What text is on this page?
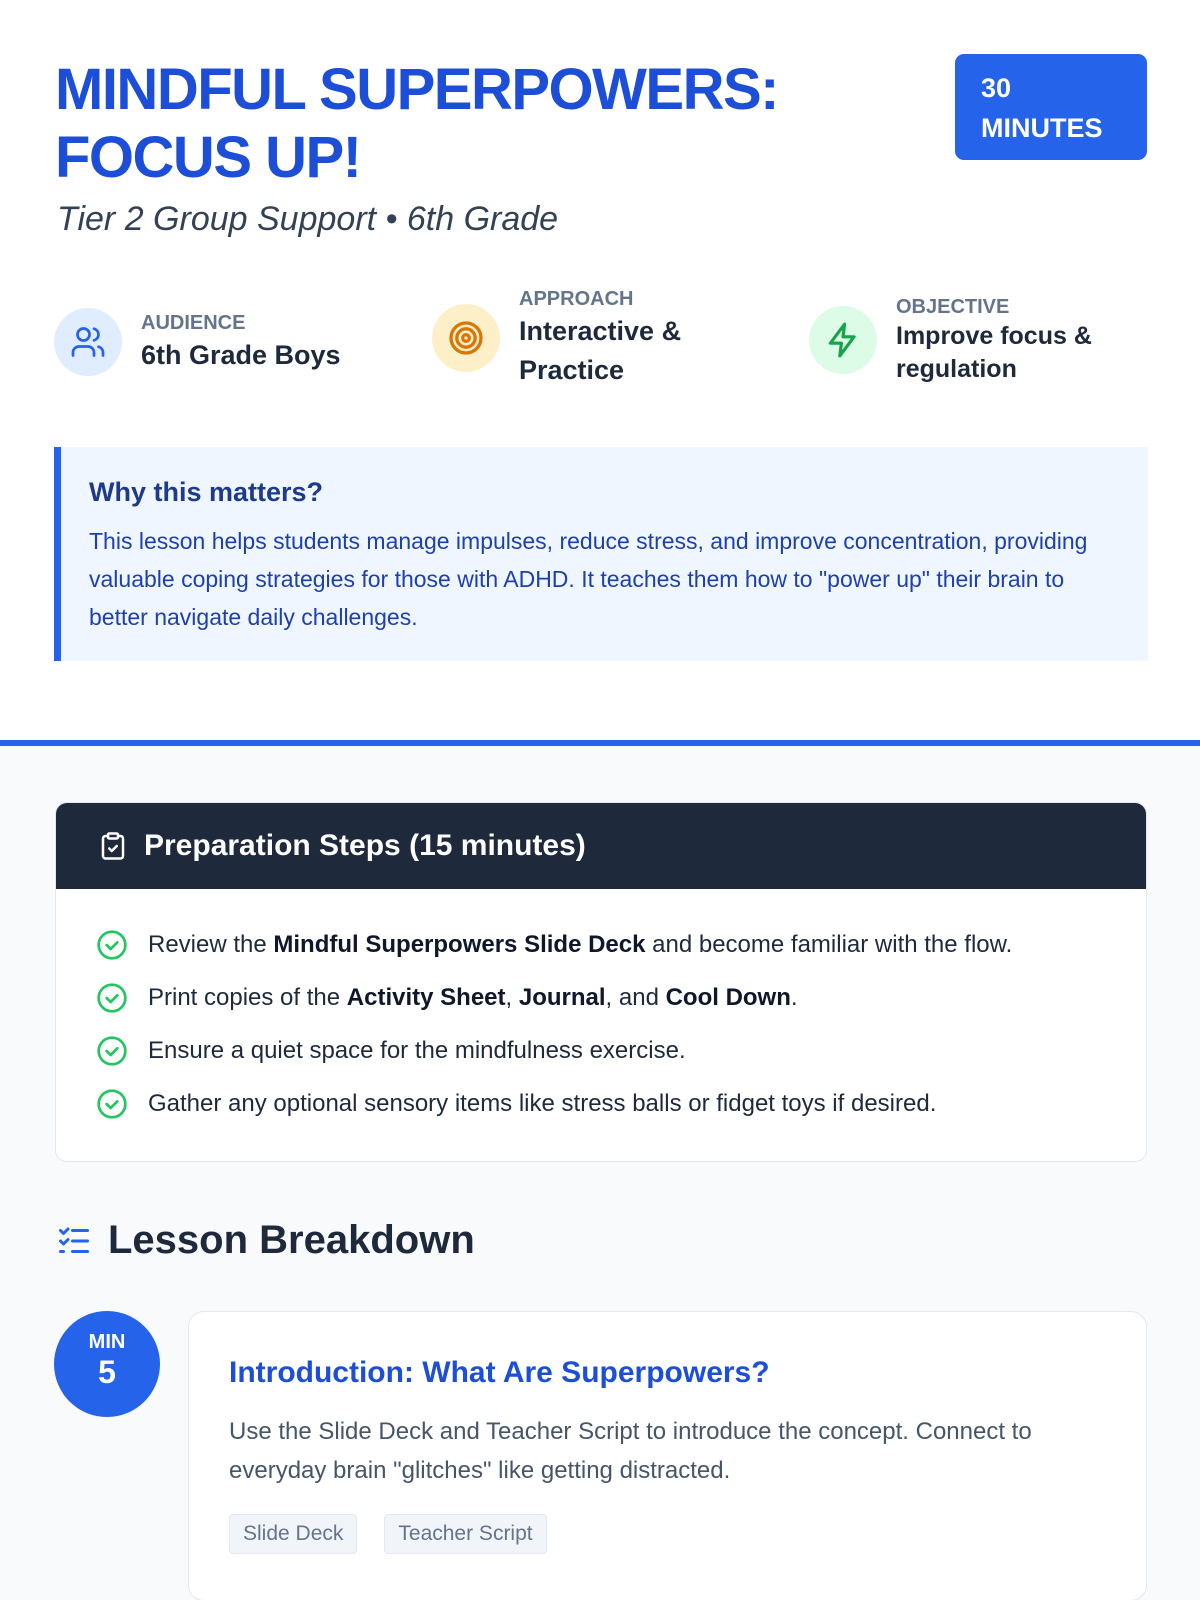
MINDFUL SUPERPOWERS:
FOCUS UP!
30
MINUTES
Tier 2 Group Support • 6th Grade
AUDIENCE
6th Grade Boys
APPROACH
Interactive & Practice
OBJECTIVE
Improve focus & regulation
Why this matters?

This lesson helps students manage impulses, reduce stress, and improve concentration, providing valuable coping strategies for those with ADHD. It teaches them how to "power up" their brain to better navigate daily challenges.

Preparation Steps (15 minutes)
Review the Mindful Superpowers Slide Deck and become familiar with the flow.
Print copies of the Activity Sheet, Journal, and Cool Down.
Ensure a quiet space for the mindfulness exercise.
Gather any optional sensory items like stress balls or fidget toys if desired.
Lesson Breakdown
MIN
5	Introduction: What Are Superpowers?

Use the Slide Deck and Teacher Script to introduce the concept. Connect to everyday brain "glitches" like getting distracted.

Slide Deck	Teacher Script
